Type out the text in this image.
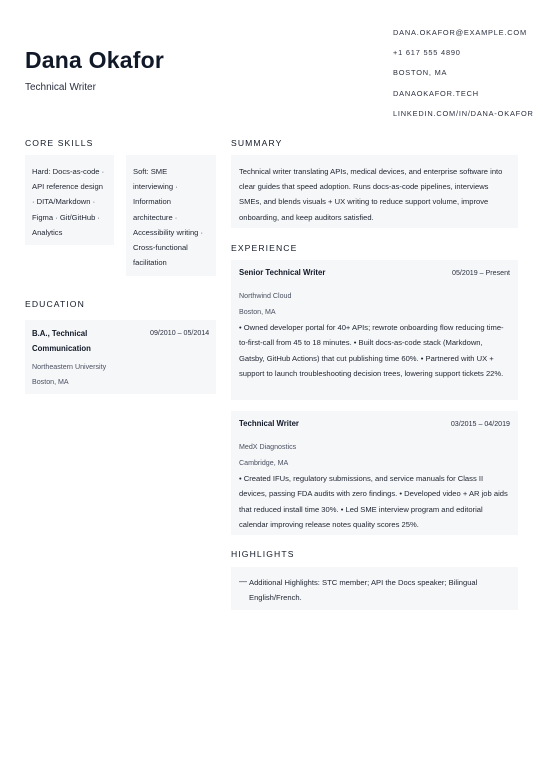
Dana Okafor
Technical Writer
DANA.OKAFOR@EXAMPLE.COM
+1 617 555 4890
BOSTON, MA
DANAOKAFOR.TECH
LINKEDIN.COM/IN/DANA-OKAFOR
CORE SKILLS
Hard: Docs-as-code · API reference design · DITA/Markdown · Figma · Git/GitHub · Analytics
Soft: SME interviewing · Information architecture · Accessibility writing · Cross-functional facilitation
EDUCATION
B.A., Technical Communication
09/2010 – 05/2014
Northeastern University
Boston, MA
SUMMARY
Technical writer translating APIs, medical devices, and enterprise software into clear guides that speed adoption. Runs docs-as-code pipelines, interviews SMEs, and blends visuals + UX writing to reduce support volume, improve onboarding, and keep auditors satisfied.
EXPERIENCE
Senior Technical Writer	05/2019 – Present
Northwind Cloud
Boston, MA
• Owned developer portal for 40+ APIs; rewrote onboarding flow reducing time-to-first-call from 45 to 18 minutes. • Built docs-as-code stack (Markdown, Gatsby, GitHub Actions) that cut publishing time 60%. • Partnered with UX + support to launch troubleshooting decision trees, lowering support tickets 22%.
Technical Writer	03/2015 – 04/2019
MedX Diagnostics
Cambridge, MA
• Created IFUs, regulatory submissions, and service manuals for Class II devices, passing FDA audits with zero findings. • Developed video + AR job aids that reduced install time 30%. • Led SME interview program and editorial calendar improving release notes quality scores 25%.
HIGHLIGHTS
— Additional Highlights: STC member; API the Docs speaker; Bilingual English/French.
